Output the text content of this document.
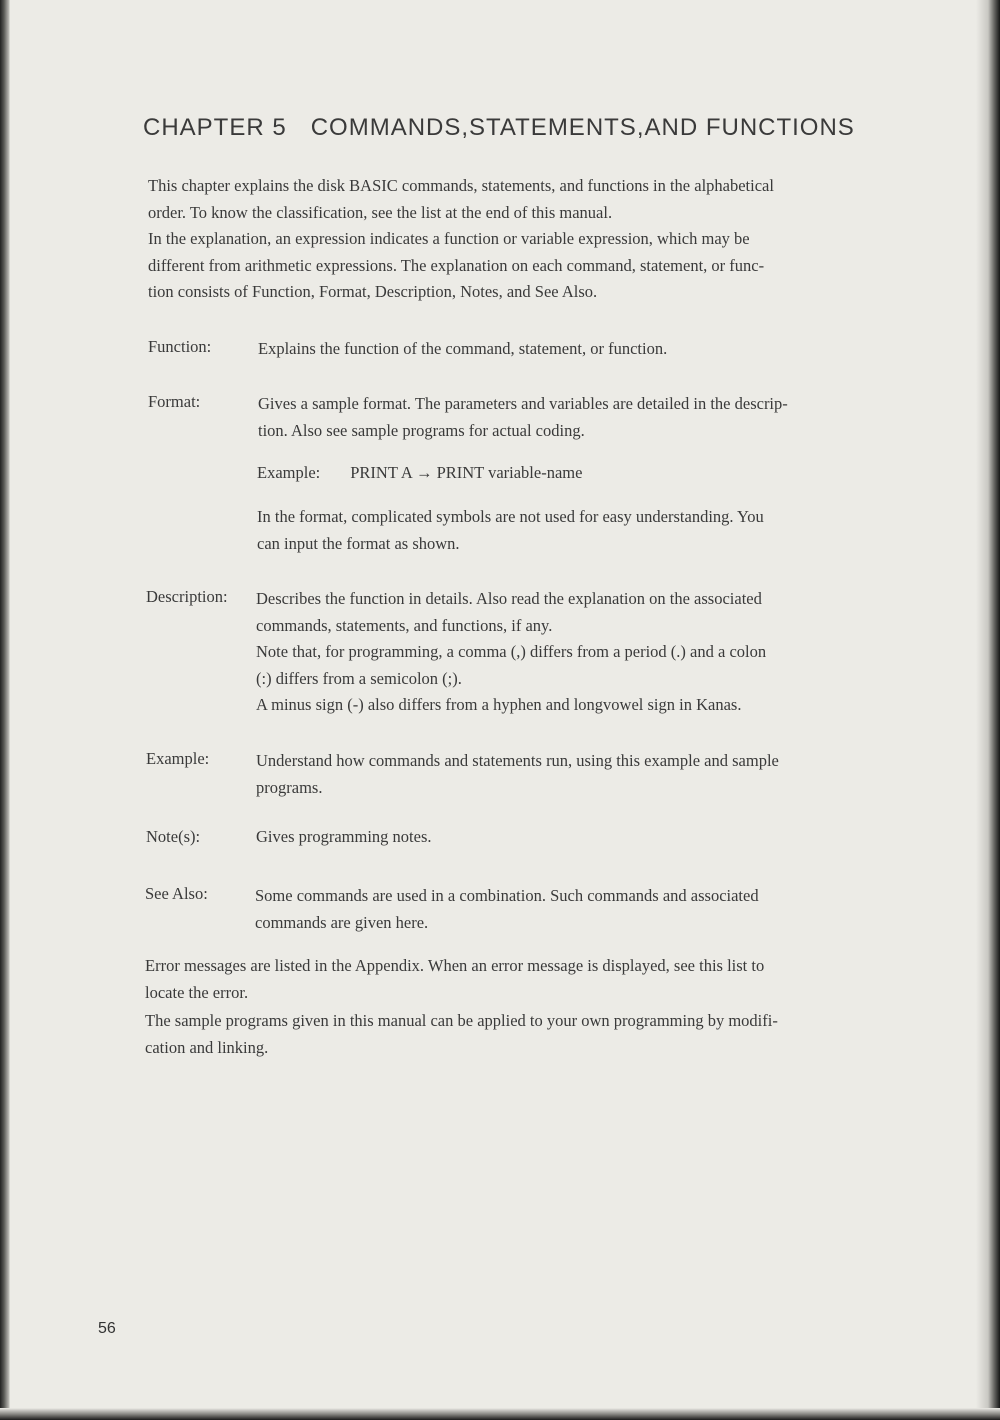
CHAPTER 5 COMMANDS,STATEMENTS,AND FUNCTIONS
This chapter explains the disk BASIC commands, statements, and functions in the alphabetical
order. To know the classification, see the list at the end of this manual.
In the explanation, an expression indicates a function or variable expression, which may be
different from arithmetic expressions. The explanation on each command, statement, or func-
tion consists of Function, Format, Description, Notes, and See Also.
Function:	Explains the function of the command, statement, or function.
Format:	Gives a sample format. The parameters and variables are detailed in the descrip-
tion. Also see sample programs for actual coding.
Example: PRINT A → PRINT variable-name
In the format, complicated symbols are not used for easy understanding. You
can input the format as shown.
Description: Describes the function in details. Also read the explanation on the associated
commands, statements, and functions, if any.
Note that, for programming, a comma (,) differs from a period (.) and a colon
(:) differs from a semicolon (;).
A minus sign (-) also differs from a hyphen and longvowel sign in Kanas.
Example:	Understand how commands and statements run, using this example and sample
programs.
Note(s):	Gives programming notes.
See Also:	Some commands are used in a combination. Such commands and associated
commands are given here.
Error messages are listed in the Appendix. When an error message is displayed, see this list to
locate the error.
The sample programs given in this manual can be applied to your own programming by modifi-
cation and linking.
56
